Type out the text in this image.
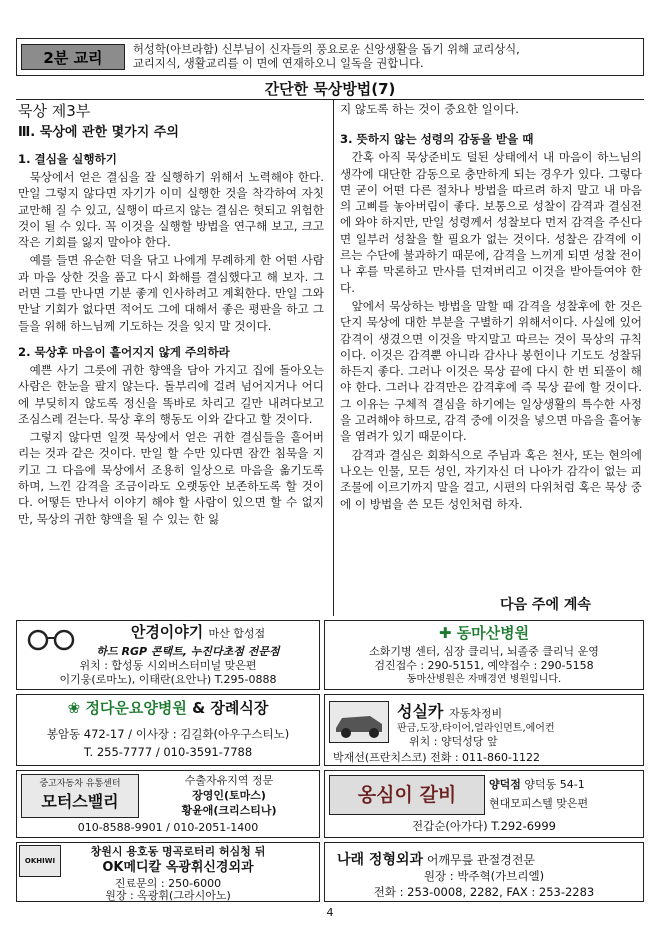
2분 교리	허성학(아브라함) 신부님이 신자들의 풍요로운 신앙생활을 돕기 위해 교리상식,
교리지식, 생활교리를 이 면에 연재하오니 일독을 권합니다.
간단한 묵상방법(7)
묵상 제3부
Ⅲ. 묵상에 관한 몇가지 주의
1. 결심을 실행하기

묵상에서 얻은 결심을 잘 실행하기 위해서 노력해야 한다. 만일 그렇지 않다면 자기가 이미 실행한 것을 착각하여 자칫 교만해 질 수 있고, 실행이 따르지 않는 결심은 헛되고 위험한 것이 될 수 있다. 꼭 이것을 실행할 방법을 연구해 보고, 크고 작은 기회를 잃지 말아야 한다.

예를 들면 유순한 덕을 닦고 나에게 무례하게 한 어떤 사람과 마음 상한 것을 품고 다시 화해를 결심했다고 해 보자. 그러면 그를 만나면 기분 좋게 인사하려고 계획한다. 만일 그와 만날 기회가 없다면 적어도 그에 대해서 좋은 평판을 하고 그들을 위해 하느님께 기도하는 것을 잊지 말 것이다.

2. 묵상후 마음이 흩어지지 않게 주의하라

예쁜 사기 그릇에 귀한 향액을 담아 가지고 집에 돌아오는 사람은 한눈을 팔지 않는다. 돌부리에 걸려 넘어지거나 어디에 부딪히지 않도록 정신을 똑바로 차리고 길만 내려다보고 조심스레 걷는다. 묵상 후의 행동도 이와 같다고 할 것이다.

그렇지 않다면 일껏 묵상에서 얻은 귀한 결심들을 흩어버리는 것과 같은 것이다. 만일 할 수만 있다면 잠깐 침묵을 지키고 그 다음에 묵상에서 조용히 일상으로 마음을 옮기도록 하며, 느낀 감격을 조금이라도 오랫동안 보존하도록 할 것이다. 어떻든 만나서 이야기 해야 할 사람이 있으면 할 수 없지만, 묵상의 귀한 향액을 될 수 있는 한 잃

지 않도록 하는 것이 중요한 일이다.

3. 뜻하지 않는 성령의 감동을 받을 때

간혹 아직 묵상준비도 덜된 상태에서 내 마음이 하느님의 생각에 대단한 감동으로 충만하게 되는 경우가 있다. 그렇다면 굳이 어떤 다른 절차나 방법을 따르려 하지 말고 내 마음의 고삐를 놓아버림이 좋다. 보통으로 성찰이 감격과 결심전에 와야 하지만, 만일 성령께서 성찰보다 먼저 감격을 주신다면 일부러 성찰을 할 필요가 없는 것이다. 성찰은 감격에 이르는 수단에 불과하기 때문에, 감격을 느끼게 되면 성찰 전이나 후를 막론하고 만사를 던져버리고 이것을 받아들여야 한다.

앞에서 묵상하는 방법을 말할 때 감격을 성찰후에 한 것은 단지 묵상에 대한 부분을 구별하기 위해서이다. 사실에 있어 감격이 생겼으면 이것을 막지말고 따르는 것이 묵상의 규칙이다. 이것은 감격뿐 아니라 감사나 봉헌이나 기도도 성찰뒤 하든지 좋다. 그러나 이것은 묵상 끝에 다시 한 번 되풀이 해야 한다. 그러나 감격만은 감격후에 즉 묵상 끝에 할 것이다. 그 이유는 구체적 결심을 하기에는 일상생활의 특수한 사정을 고려해야 하므로, 감격 중에 이것을 넣으면 마음을 흩어놓을 염려가 있기 때문이다.

감격과 결심은 회화식으로 주님과 혹은 천사, 또는 현의에 나오는 인물, 모든 성인, 자기자신 더 나아가 감각이 없는 피조물에 이르기까지 말을 걸고, 시편의 다위처럼 혹은 묵상 중에 이 방법을 쓴 모든 성인처럼 하자.

다음 주에 계속
안경이야기 마산 합성점
하드 RGP 콘택트, 누진다초점 전문점
위치 : 합성동 시외버스터미널 맞은편
이기웅(로마노), 이태란(요안나) T.295-0888
✚ 동마산병원
소화기병 센터, 심장 클리닉, 뇌졸중 클리닉 운영
검진접수 : 290-5151, 예약접수 : 290-5158
동마산병원은 자매경연 병원입니다.
❀ 정다운요양병원 & 장례식장
봉암동 472-17 / 이사장 : 김길화(아우구스티노)
T. 255-7777 / 010-3591-7788
성실카 자동차정비
판금,도장,타이어,얼라인먼트,에어컨
위치 : 양덕성당 앞
박재선(프란치스코) 전화 : 011-860-1122
중고자동차 유통센터
모터스밸리
수출자유지역 정문
장영인(토마스)
황윤애(크리스티나)
010-8588-9901 / 010-2051-1400
옹심이 갈비	양덕점 양덕동 54-1
현대모피스텔 맞은편
전갑순(아가다) T.292-6999
OKHIWI
창원시 용호동 명곡로터리 허심청 뒤
OK메디칼 옥광휘신경외과
진료문의 : 250-6000
원장 : 옥광휘(그라시아노)
나래 정형외과 어깨무릎 관절경전문
원장 : 박주혁(가브리엘)
전화 : 253-0008, 2282, FAX : 253-2283
4
